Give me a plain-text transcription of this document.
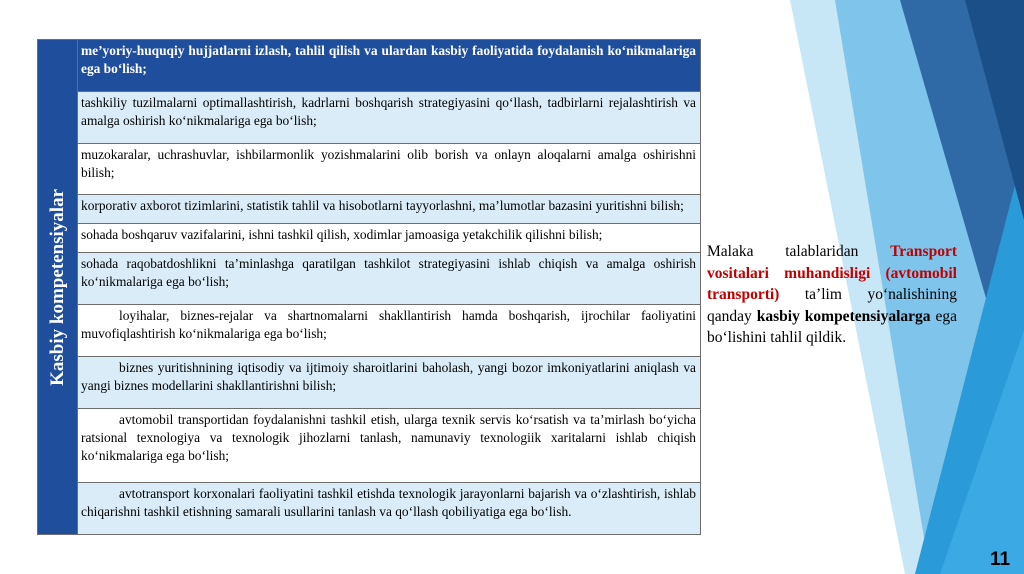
Kasbiy kompetensiyalar
	me’yoriy-huquqiy hujjatlarni izlash, tahlil qilish va ulardan kasbiy faoliyatida foydalanish ko‘nikmalariga ega bo‘lish;
tashkiliy tuzilmalarni optimallashtirish, kadrlarni boshqarish strategiyasini qo‘llash, tadbirlarni rejalashtirish va amalga oshirish ko‘nikmalariga ega bo‘lish;
muzokaralar, uchrashuvlar, ishbilarmonlik yozishmalarini olib borish va onlayn aloqalarni amalga oshirishni bilish;
korporativ axborot tizimlarini, statistik tahlil va hisobotlarni tayyorlashni, ma’lumotlar bazasini yuritishni bilish;
sohada boshqaruv vazifalarini, ishni tashkil qilish, xodimlar jamoasiga yetakchilik qilishni bilish;
sohada raqobatdoshlikni ta’minlashga qaratilgan tashkilot strategiyasini ishlab chiqish va amalga oshirish ko‘nikmalariga ega bo‘lish;
loyihalar, biznes-rejalar va shartnomalarni shakllantirish hamda boshqarish, ijrochilar faoliyatini muvofiqlashtirish ko‘nikmalariga ega bo‘lish;
biznes yuritishnining iqtisodiy va ijtimoiy sharoitlarini baholash, yangi bozor imkoniyatlarini aniqlash va yangi biznes modellarini shakllantirishni bilish;
avtomobil transportidan foydalanishni tashkil etish, ularga texnik servis ko‘rsatish va ta’mirlash bo‘yicha ratsional texnologiya va texnologik jihozlarni tanlash, namunaviy texnologiik xaritalarni ishlab chiqish ko‘nikmalariga ega bo‘lish;
avtotransport korxonalari faoliyatini tashkil etishda texnologik jarayonlarni bajarish va o‘zlashtirish, ishlab chiqarishni tashkil etishning samarali usullarini tanlash va qo‘llash qobiliyatiga ega bo‘lish.
Malaka talablaridan Transport vositalari muhandisligi (avtomobil transporti) ta’lim yo‘nalishining qanday kasbiy kompetensiyalarga ega bo‘lishini tahlil qildik.
11
